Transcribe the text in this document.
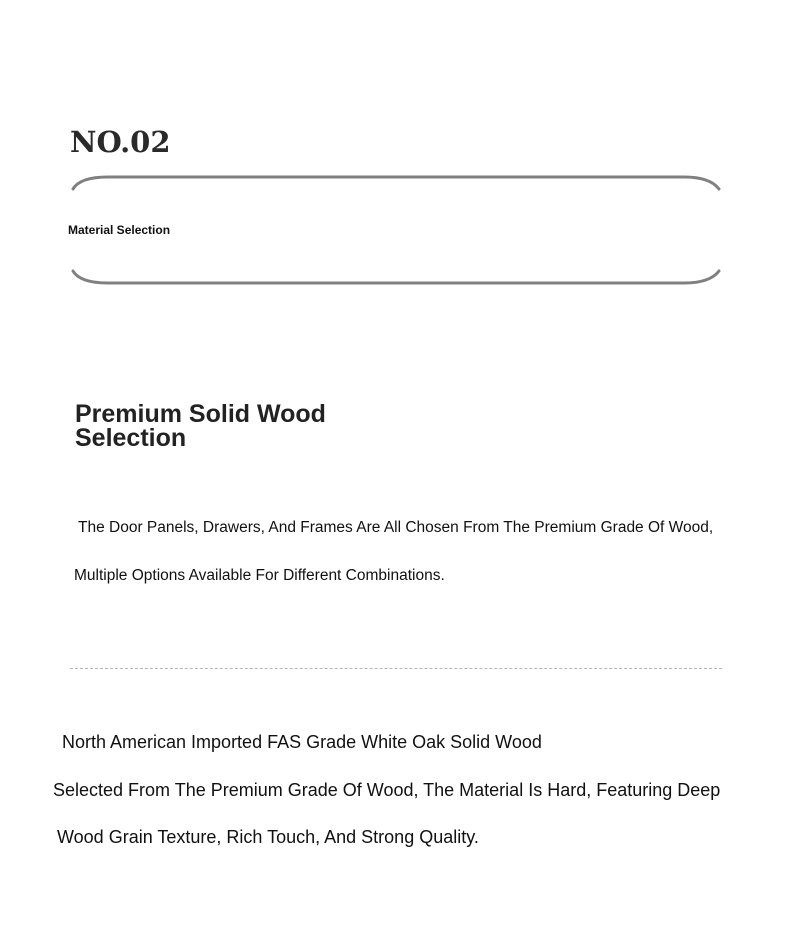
NO.02

Material Selection

Premium Solid Wood
Selection

The Door Panels, Drawers, And Frames Are All Chosen From The Premium Grade Of Wood,

Multiple Options Available For Different Combinations.

North American Imported FAS Grade White Oak Solid Wood

Selected From The Premium Grade Of Wood, The Material Is Hard, Featuring Deep

Wood Grain Texture, Rich Touch, And Strong Quality.
